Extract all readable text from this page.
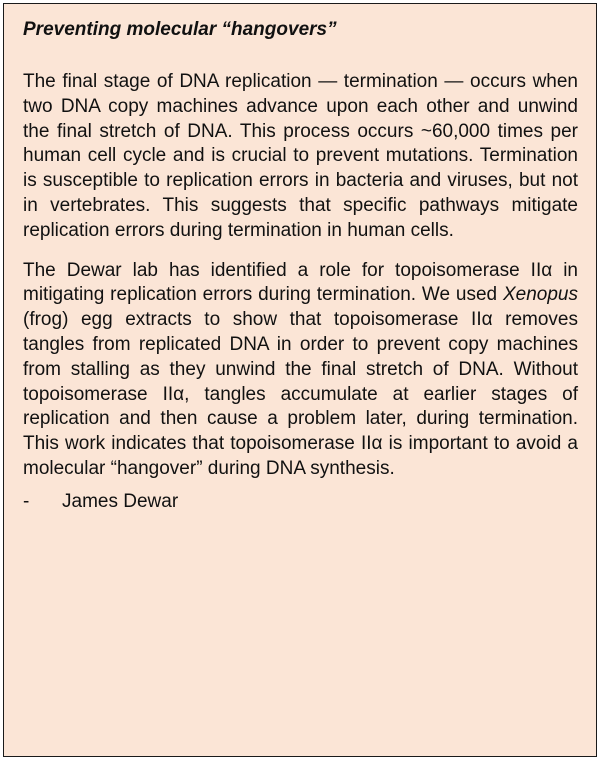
Preventing molecular “hangovers”

The final stage of DNA replication — termination — occurs when two DNA copy machines advance upon each other and unwind the final stretch of DNA. This process occurs ~60,000 times per human cell cycle and is crucial to prevent mutations. Termination is susceptible to replication errors in bacteria and viruses, but not in vertebrates. This suggests that specific pathways mitigate replication errors during termination in human cells.

The Dewar lab has identified a role for topoisomerase IIα in mitigating replication errors during termination. We used Xenopus (frog) egg extracts to show that topoisomerase IIα removes tangles from replicated DNA in order to prevent copy machines from stalling as they unwind the final stretch of DNA. Without topoisomerase IIα, tangles accumulate at earlier stages of replication and then cause a problem later, during termination. This work indicates that topoisomerase IIα is important to avoid a molecular “hangover” during DNA synthesis.

-	James Dewar
